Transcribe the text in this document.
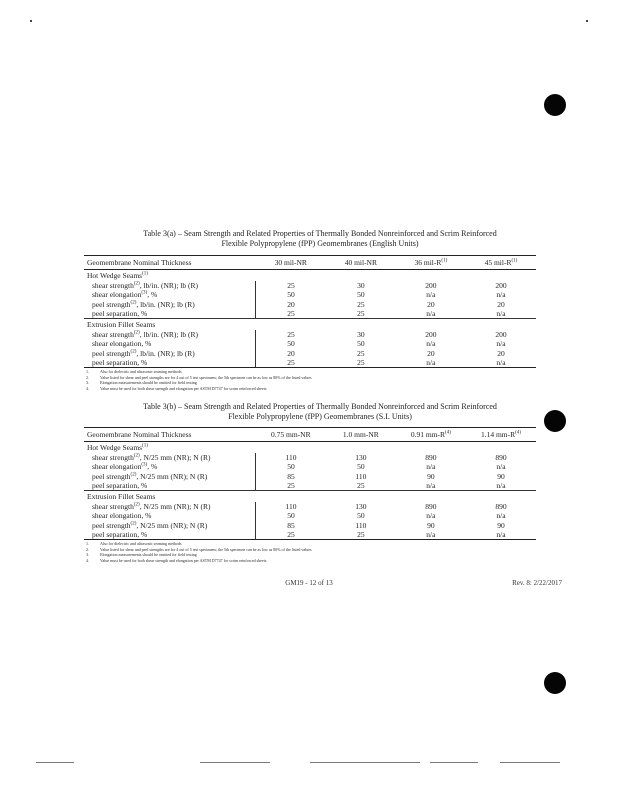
Table 3(a) – Seam Strength and Related Properties of Thermally Bonded Nonreinforced and Scrim Reinforced
Flexible Polypropylene (fPP) Geomembranes (English Units)
Geomembrane Nominal Thickness	30 mil-NR	40 mil-NR	36 mil-$R^{(1)}$	45 mil-$R^{(1)}$
Hot Wedge Seams$^{(1)}$
shear strength$^{(2)}$, lb/in. (NR); lb (R)	25	30	200	200
shear elongation$^{(3)}$, %	50	50	n/a	n/a
peel strength$^{(2)}$, lb/in. (NR); lb (R)	20	25	20	20
peel separation, %	25	25	n/a	n/a
Extrusion Fillet Seams				
shear strength$^{(2)}$, lb/in. (NR); lb (R)	25	30	200	200
shear elongation, %	50	50	n/a	n/a
peel strength$^{(2)}$, lb/in. (NR); lb (R)	20	25	20	20
peel separation, %	25	25	n/a	n/a
1.	Also for dielectric and ultrasonic seaming methods
2.	Value listed for shear and peel strengths are for 4 out of 5 test specimens; the 5th specimen can be as low as 80% of the listed values
3.	Elongation measurements should be omitted for field testing
4.	Value must be used for both shear strength and elongation per ASTM D7747 for scrim reinforced sheets
Table 3(b) – Seam Strength and Related Properties of Thermally Bonded Nonreinforced and Scrim Reinforced
Flexible Polypropylene (fPP) Geomembranes (S.I. Units)
Geomembrane Nominal Thickness	0.75 mm-NR	1.0 mm-NR	0.91 $mm-R^{(4)}$	1.14 $mm-R^{(4)}$
Hot Wedge Seams$^{(1)}$
shear strength$^{(2)}$, N/25 mm (NR); N (R)	110	130	890	890
shear elongation$^{(3)}$, %	50	50	n/a	n/a
peel strength$^{(2)}$, N/25 mm (NR); N (R)	85	110	90	90
peel separation, %	25	25	n/a	n/a
Extrusion Fillet Seams				
shear strength$^{(2)}$, N/25 mm (NR); N (R)	110	130	890	890
shear elongation, %	50	50	n/a	n/a
peel strength$^{(2)}$, N/25 mm (NR); N (R)	85	110	90	90
peel separation, %	25	25	n/a	n/a
1.	Also for dielectric and ultrasonic seaming methods
2.	Value listed for shear and peel strengths are for 4 out of 5 test specimens; the 5th specimen can be as low as 80% of the listed values
3.	Elongation measurements should be omitted for field testing
4.	Value must be used for both shear strength and elongation per ASTM D7747 for scrim reinforced sheets
GM19 - 12 of 13	Rev. 8: 2/22/2017
